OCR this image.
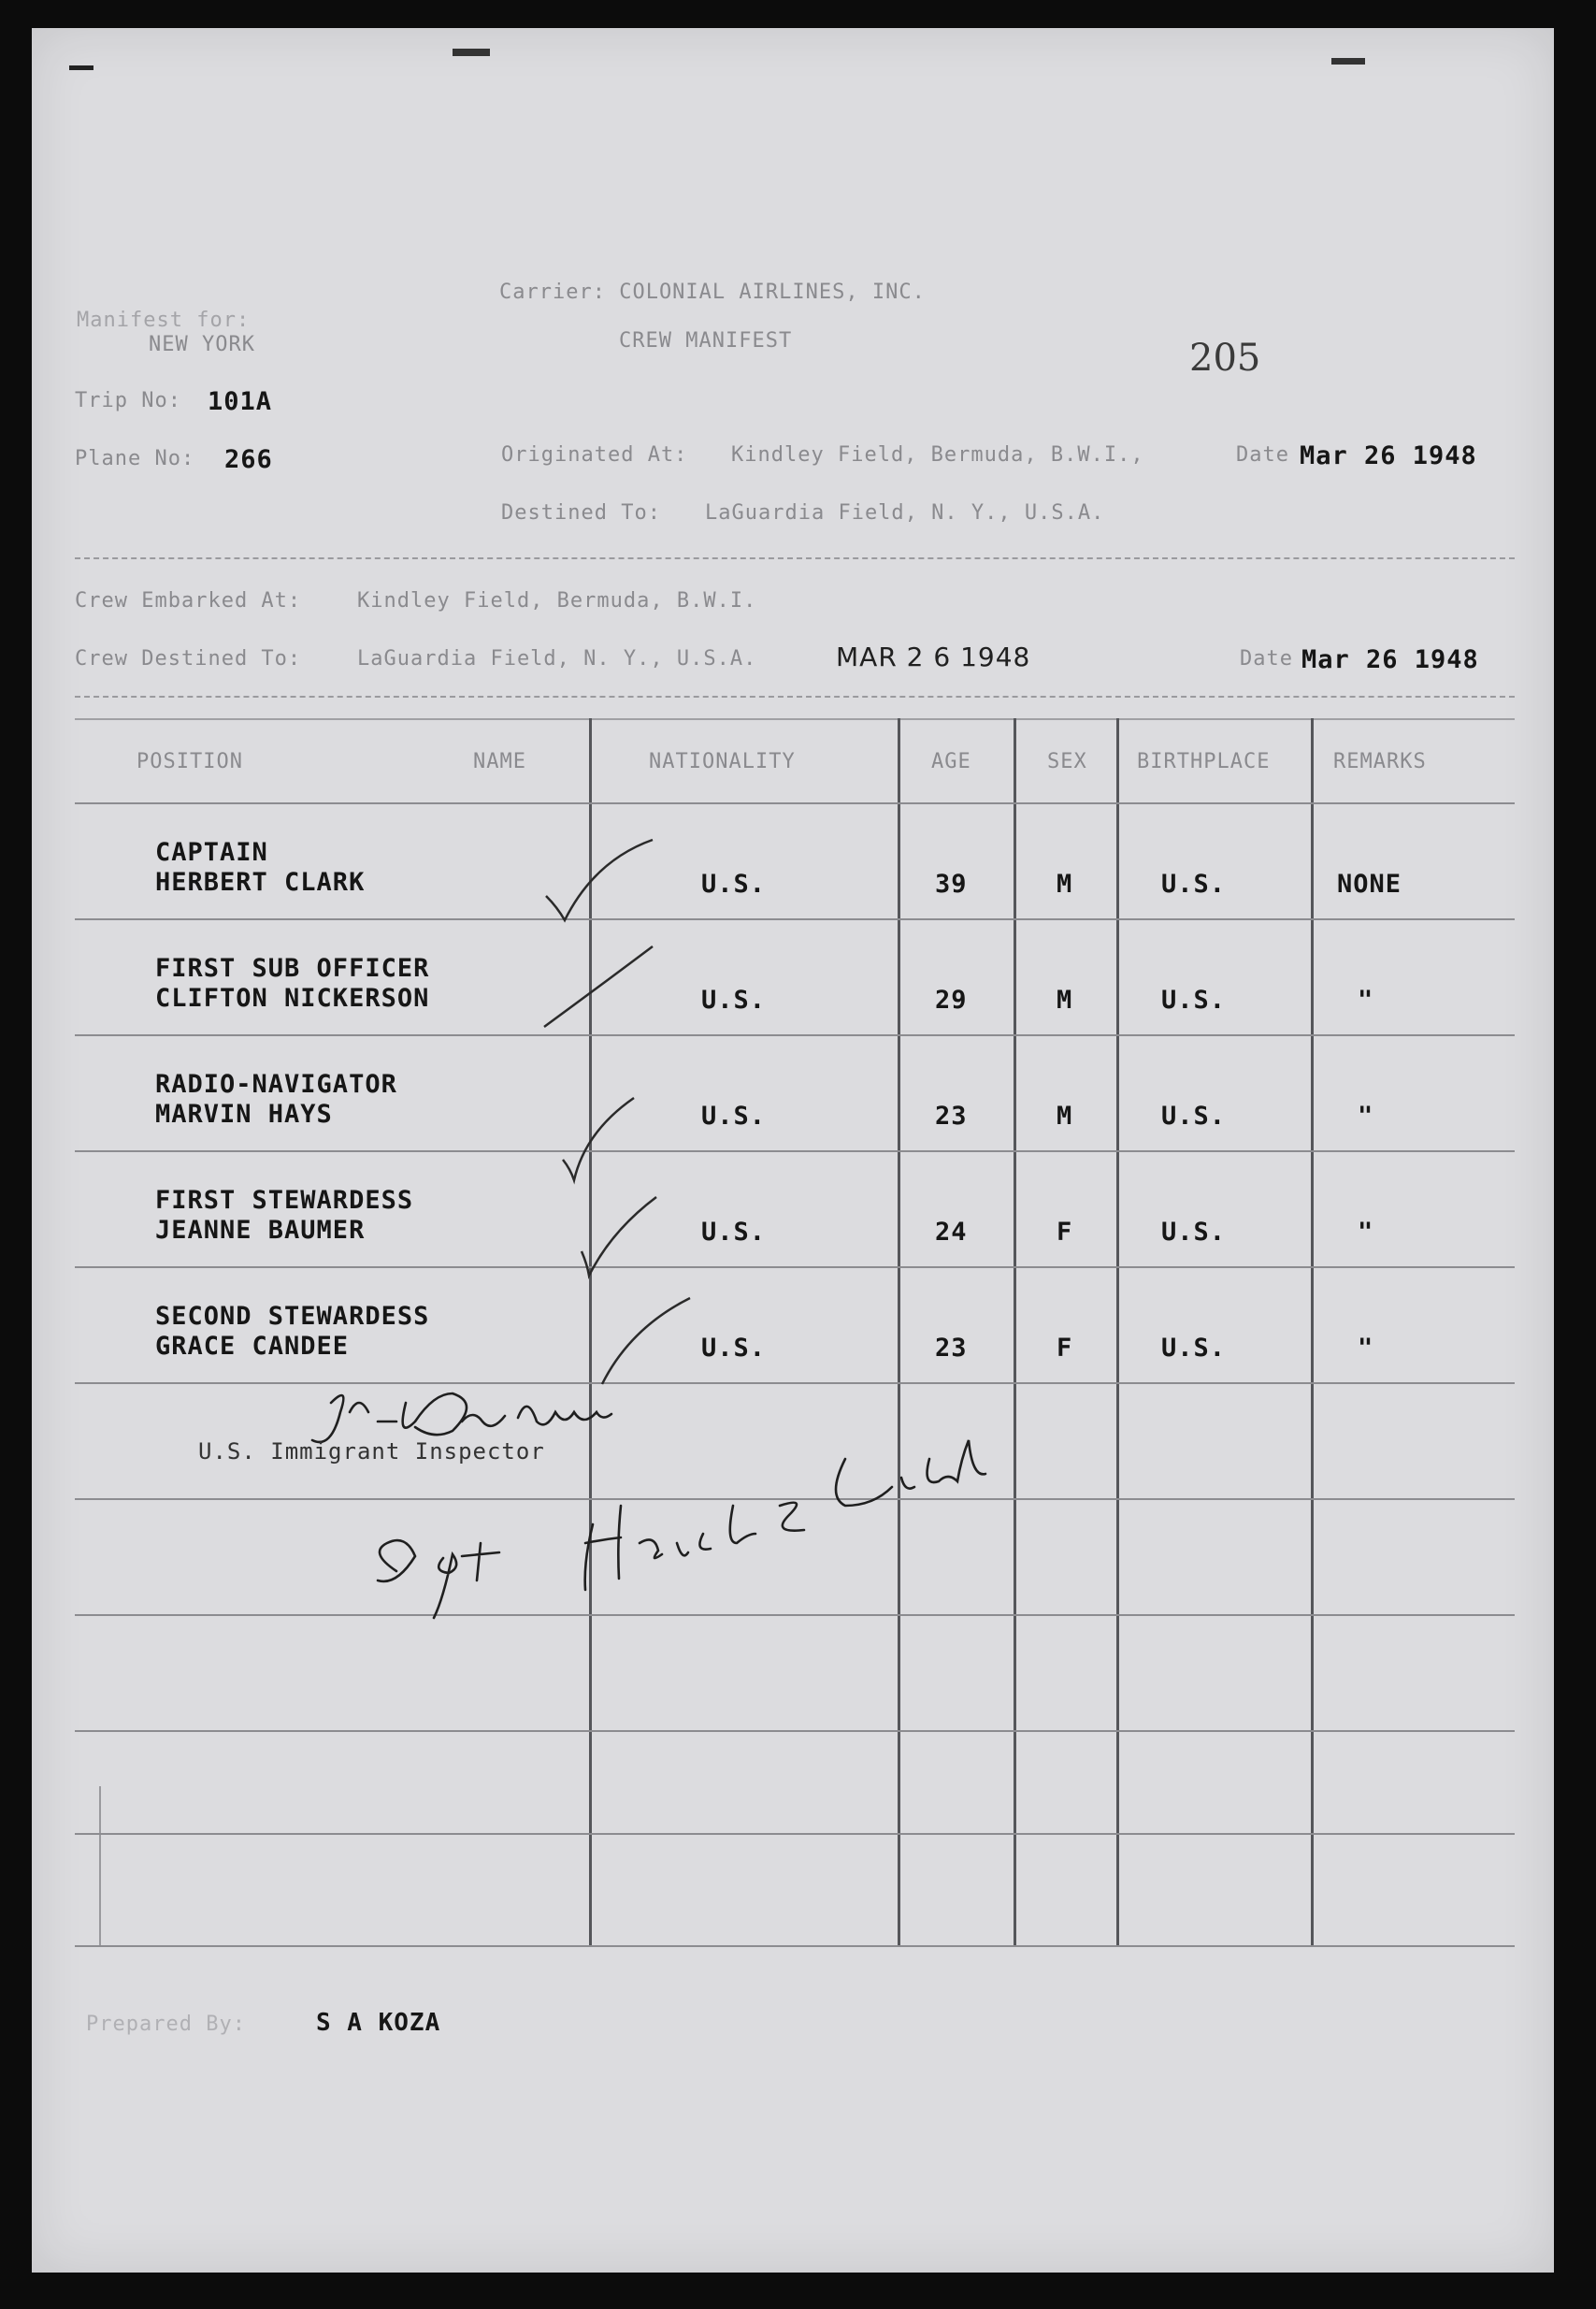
Manifest for:
NEW YORK
Carrier: COLONIAL AIRLINES, INC.
CREW MANIFEST	205
Trip No: 101A
Plane No: 266	Originated At: Kindley Field, Bermuda, B.W.I.,	Date Mar 26 1948
Destined To: LaGuardia Field, N. Y., U.S.A.
Crew Embarked At:	Kindley Field, Bermuda, B.W.I.
Crew Destined To:	LaGuardia Field, N. Y., U.S.A.	MAR 2 6 1948	Date Mar 26 1948
POSITION	NAME	NATIONALITY	AGE	SEX BIRTHPLACE	REMARKS
CAPTAIN
HERBERT CLARK	U.S.	39	M	U.S.	NONE
FIRST SUB OFFICER
CLIFTON NICKERSON	U.S.	29	M	U.S.	"
RADIO-NAVIGATOR
MARVIN HAYS	U.S.	23	M	U.S.	"
FIRST STEWARDESS
JEANNE BAUMER	U.S.	24	F	U.S.	"
SECOND STEWARDESS
GRACE CANDEE	U.S.	23	F	U.S.	"
U.S. Immigrant Inspector
Prepared By:	S A KOZA
